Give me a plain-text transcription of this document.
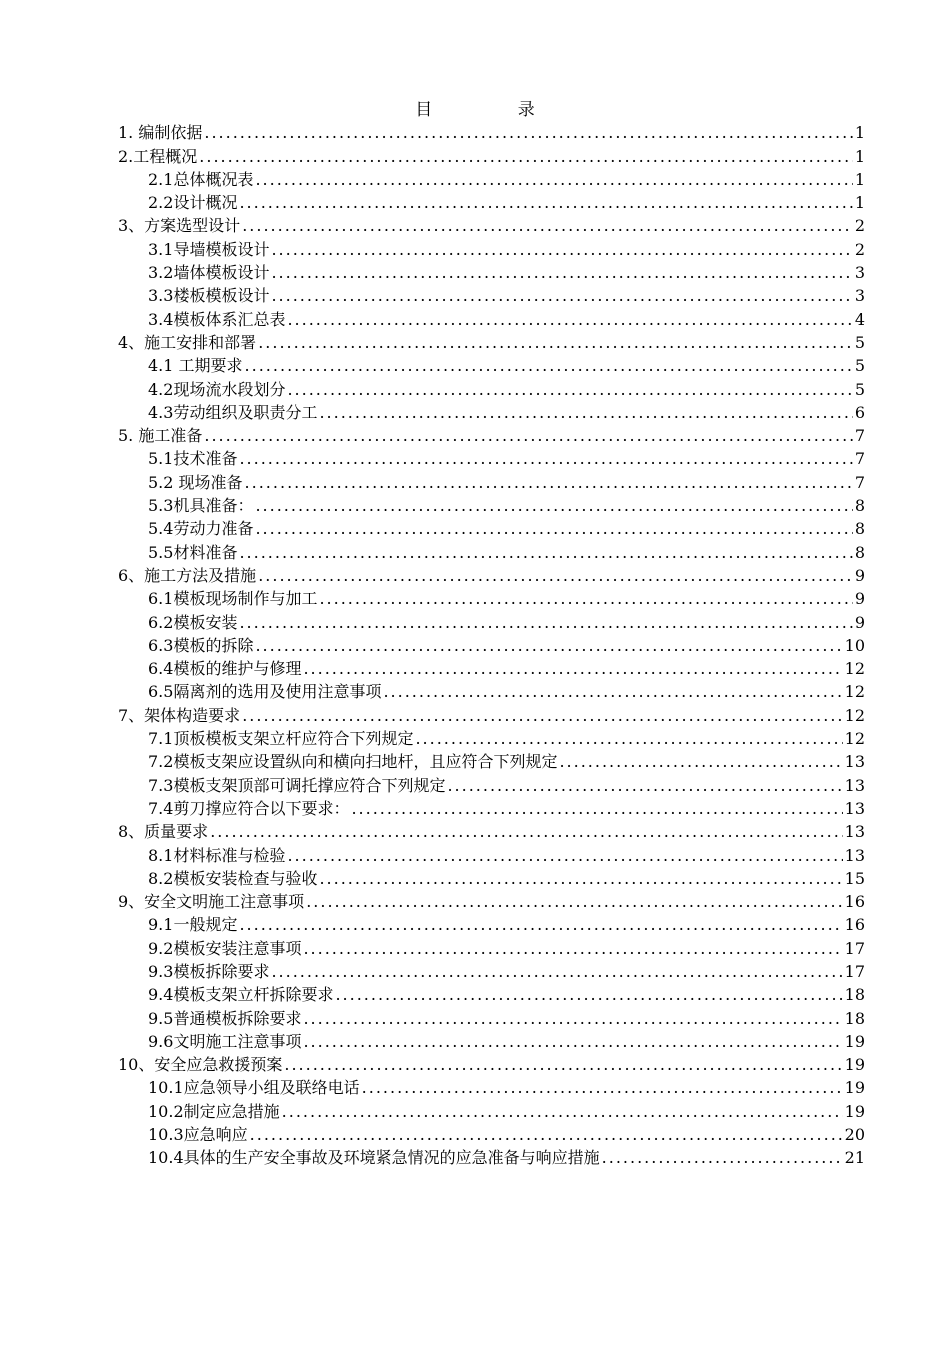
目 录
1. 编制依据 .....	1
2.工程概况 .....	1
2.1总体概况表 .....	1
2.2设计概况 .....	1
3、方案选型设计 .....	2
3.1导墙模板设计 .....	2
3.2墙体模板设计 .....	3
3.3楼板模板设计 .....	3
3.4模板体系汇总表 .....	4
4、施工安排和部署 .....	5
4.1 工期要求 .....	5
4.2现场流水段划分 .....	5
4.3劳动组织及职责分工 .....	6
5. 施工准备 .....	7
5.1技术准备 .....	7
5.2 现场准备 .....	7
5.3机具准备： .....	8
5.4劳动力准备 .....	8
5.5材料准备 .....	8
6、施工方法及措施 .....	9
6.1模板现场制作与加工 .....	9
6.2模板安装 .....	9
6.3模板的拆除 .....	10
6.4模板的维护与修理 .....	12
6.5隔离剂的选用及使用注意事项 .....	12
7、架体构造要求 .....	12
7.1顶板模板支架立杆应符合下列规定 .....	12
7.2模板支架应设置纵向和横向扫地杆，且应符合下列规定 .....	13
7.3模板支架顶部可调托撑应符合下列规定 .....	13
7.4剪刀撑应符合以下要求： .....	13
8、质量要求 .....	13
8.1材料标准与检验 .....	13
8.2模板安装检查与验收 .....	15
9、安全文明施工注意事项 .....	16
9.1一般规定 .....	16
9.2模板安装注意事项 .....	17
9.3模板拆除要求 .....	17
9.4模板支架立杆拆除要求 .....	18
9.5普通模板拆除要求 .....	18
9.6文明施工注意事项 .....	19
10、安全应急救援预案 .....	19
10.1应急领导小组及联络电话 .....	19
10.2制定应急措施 .....	19
10.3应急响应 .....	20
10.4具体的生产安全事故及环境紧急情况的应急准备与响应措施 .....	21
